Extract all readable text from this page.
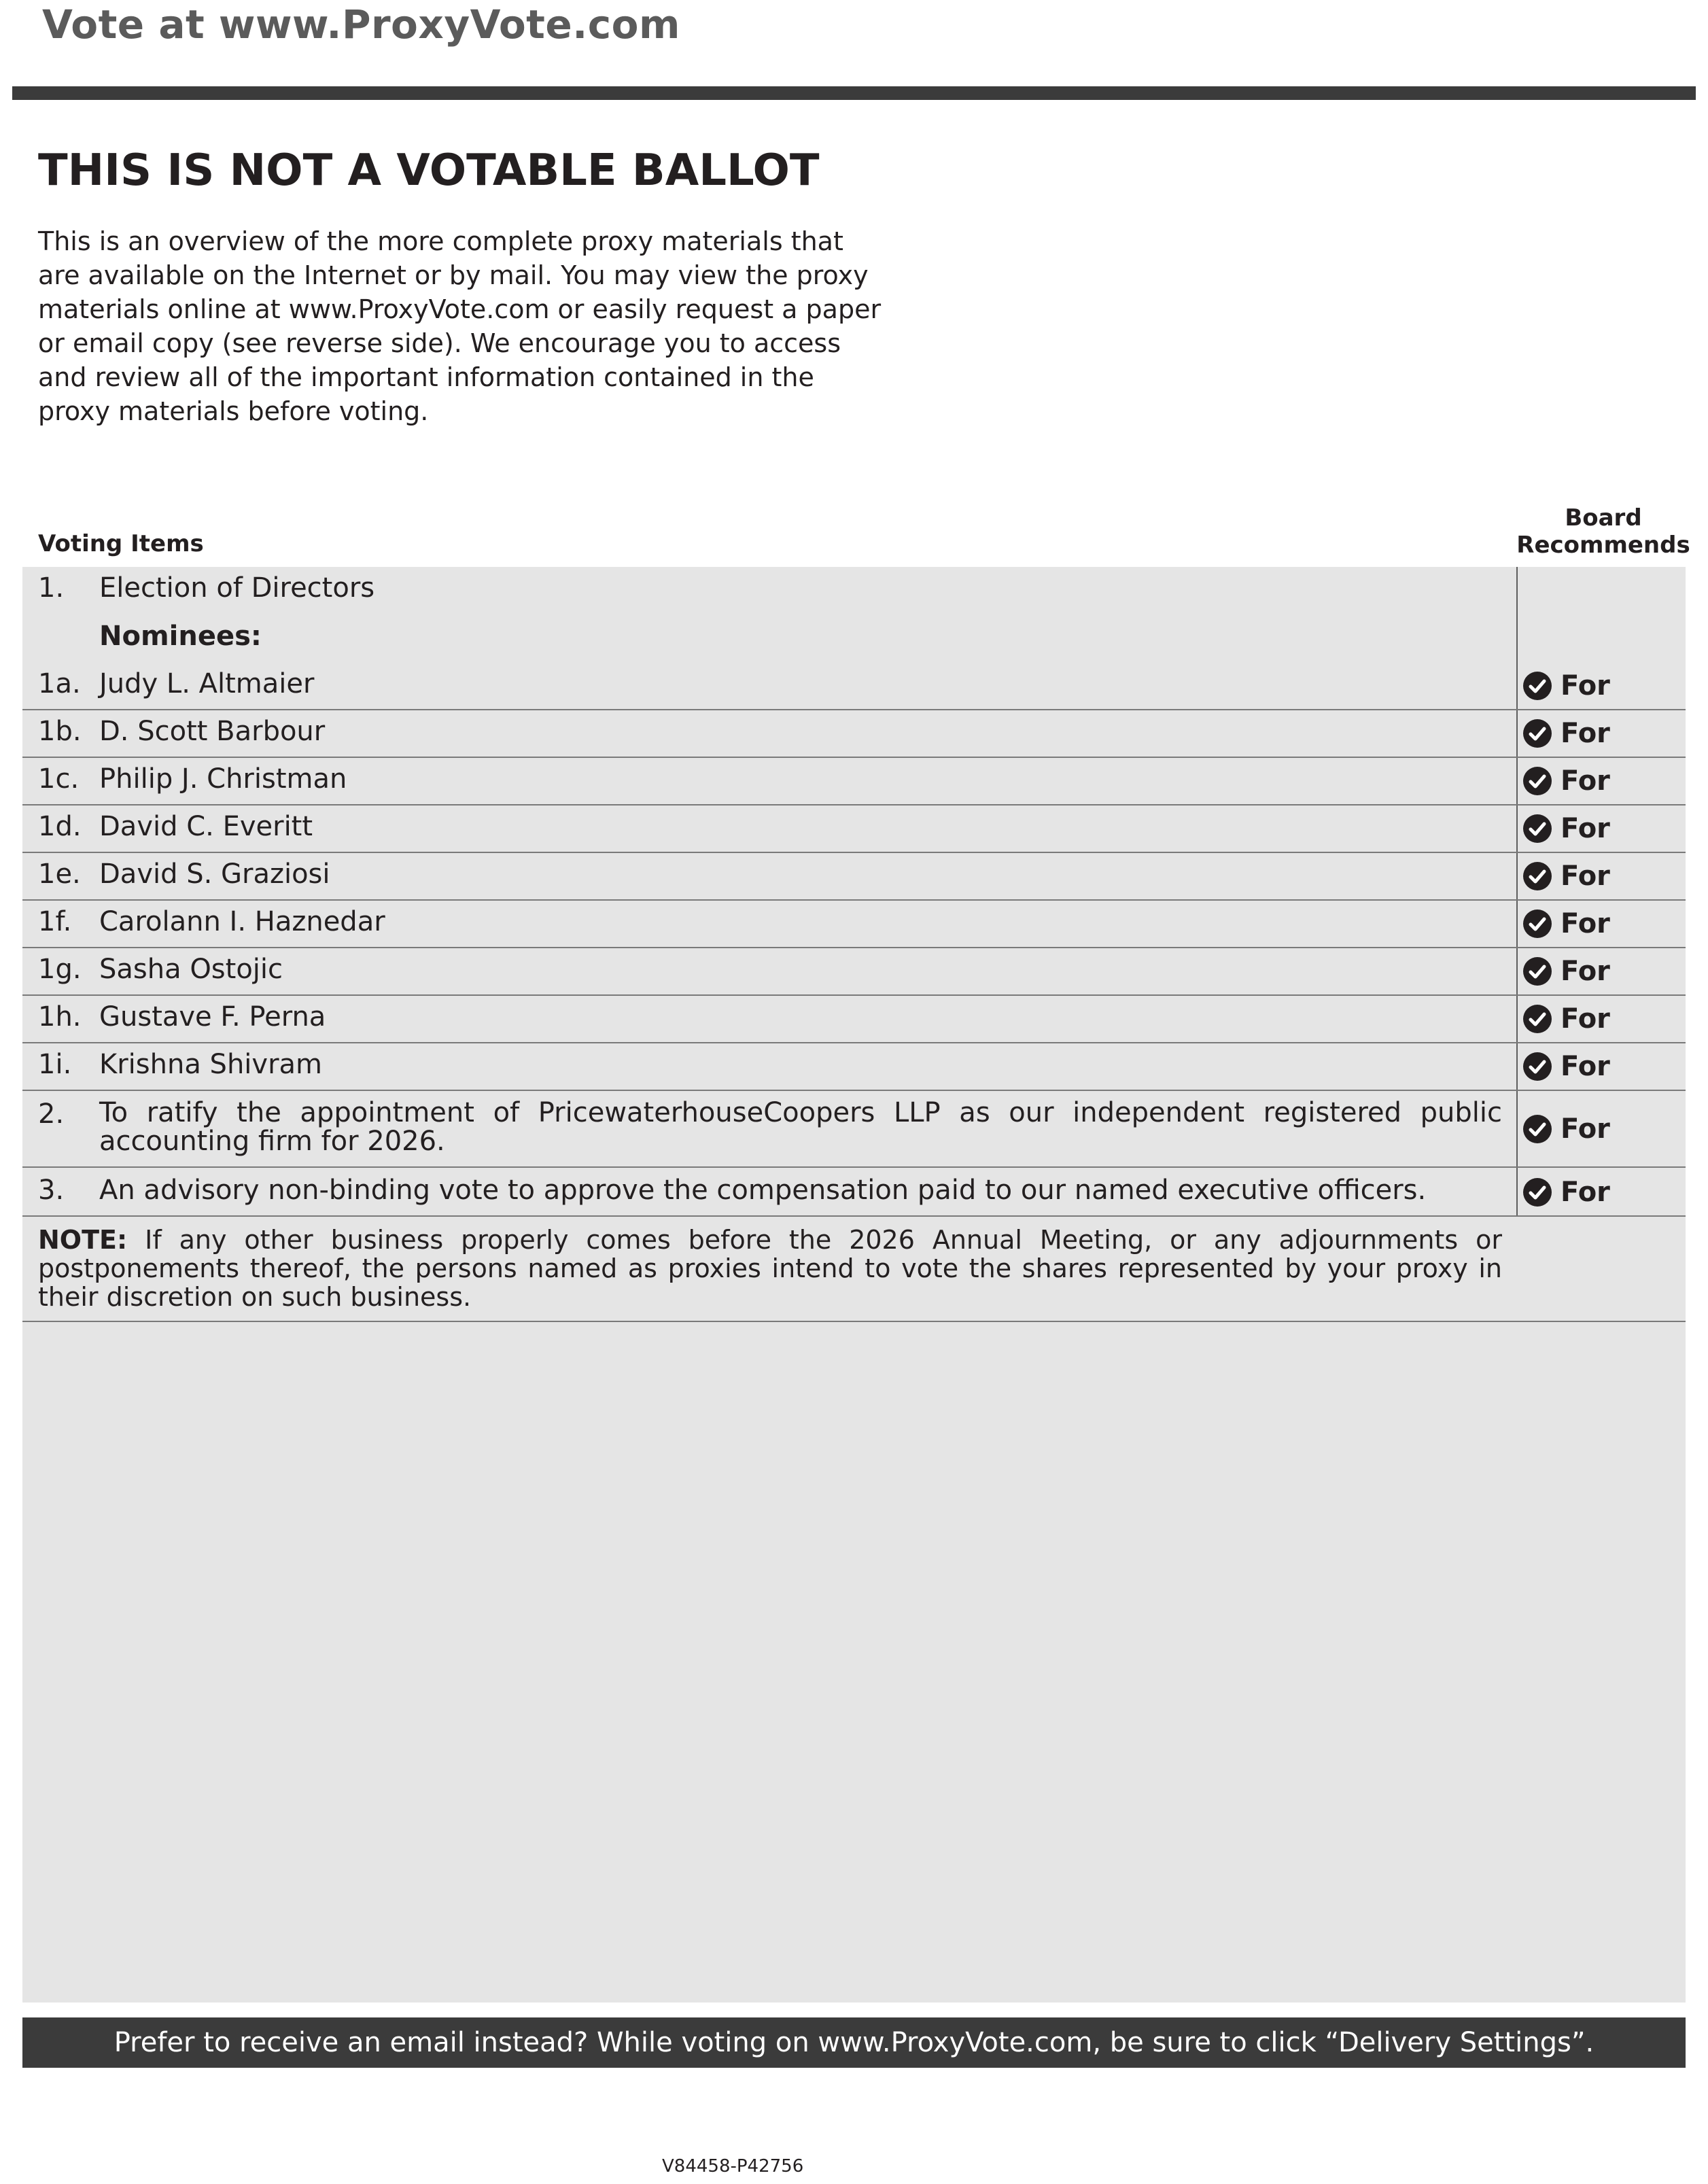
Vote at www.ProxyVote.com
THIS IS NOT A VOTABLE BALLOT
This is an overview of the more complete proxy materials that
are available on the Internet or by mail. You may view the proxy
materials online at www.ProxyVote.com or easily request a paper
or email copy (see reverse side). We encourage you to access
and review all of the important information contained in the
proxy materials before voting.
Voting Items
Board
Recommends
1. Election of Directors
Nominees:
1a. Judy L. Altmaier	For
1b. D. Scott Barbour	For
1c. Philip J. Christman	For
1d. David C. Everitt	For
1e. David S. Graziosi	For
1f. Carolann I. Haznedar	For
1g. Sasha Ostojic	For
1h. Gustave F. Perna	For
1i. Krishna Shivram	For
2. To ratify the appointment of PricewaterhouseCoopers LLP as our independent registered public accounting firm for 2026.	For
3. An advisory non-binding vote to approve the compensation paid to our named executive officers.	For
NOTE: If any other business properly comes before the 2026 Annual Meeting, or any adjournments or postponements thereof, the persons named as proxies intend to vote the shares represented by your proxy in their discretion on such business.
Prefer to receive an email instead? While voting on www.ProxyVote.com, be sure to click “Delivery Settings”.
V84458-P42756
